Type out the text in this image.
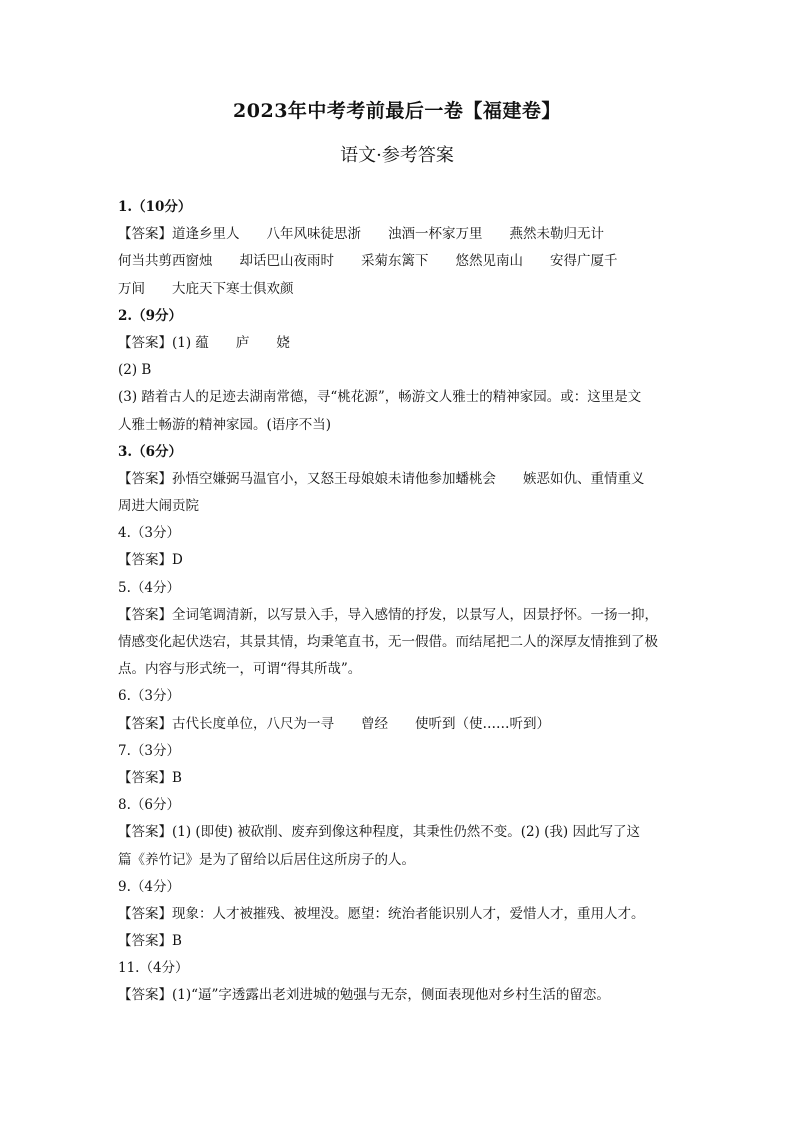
2023年中考考前最后一卷【福建卷】
语文·参考答案
1.（10分）
【答案】道逢乡里人　　八年风味徒思浙　　浊酒一杯家万里　　燕然未勒归无计
何当共剪西窗烛　　却话巴山夜雨时　　采菊东篱下　　悠然见南山　　安得广厦千
万间　　大庇天下寒士俱欢颜
2.（9分）
【答案】(1) 蕴　　庐　　娆
(2) B
(3) 踏着古人的足迹去湖南常德，寻“桃花源”，畅游文人雅士的精神家园。或：这里是文
人雅士畅游的精神家园。(语序不当)
3.（6分）
【答案】孙悟空嫌弼马温官小，又怒王母娘娘未请他参加蟠桃会　　嫉恶如仇、重情重义
周进大闹贡院
4.（3分）
【答案】D
5.（4分）
【答案】全词笔调清新，以写景入手，导入感情的抒发，以景写人，因景抒怀。一扬一抑，
情感变化起伏迭宕，其景其情，均秉笔直书，无一假借。而结尾把二人的深厚友情推到了极
点。内容与形式统一，可谓“得其所哉”。
6.（3分）
【答案】古代长度单位，八尺为一寻　　曾经　　使听到（使……听到）
7.（3分）
【答案】B
8.（6分）
【答案】(1) (即使) 被砍削、废弃到像这种程度，其秉性仍然不变。(2) (我) 因此写了这
篇《养竹记》是为了留给以后居住这所房子的人。
9.（4分）
【答案】现象：人才被摧残、被埋没。愿望：统治者能识别人才，爱惜人才，重用人才。
【答案】B
11.（4分）
【答案】(1)“逼”字透露出老刘进城的勉强与无奈，侧面表现他对乡村生活的留恋。
